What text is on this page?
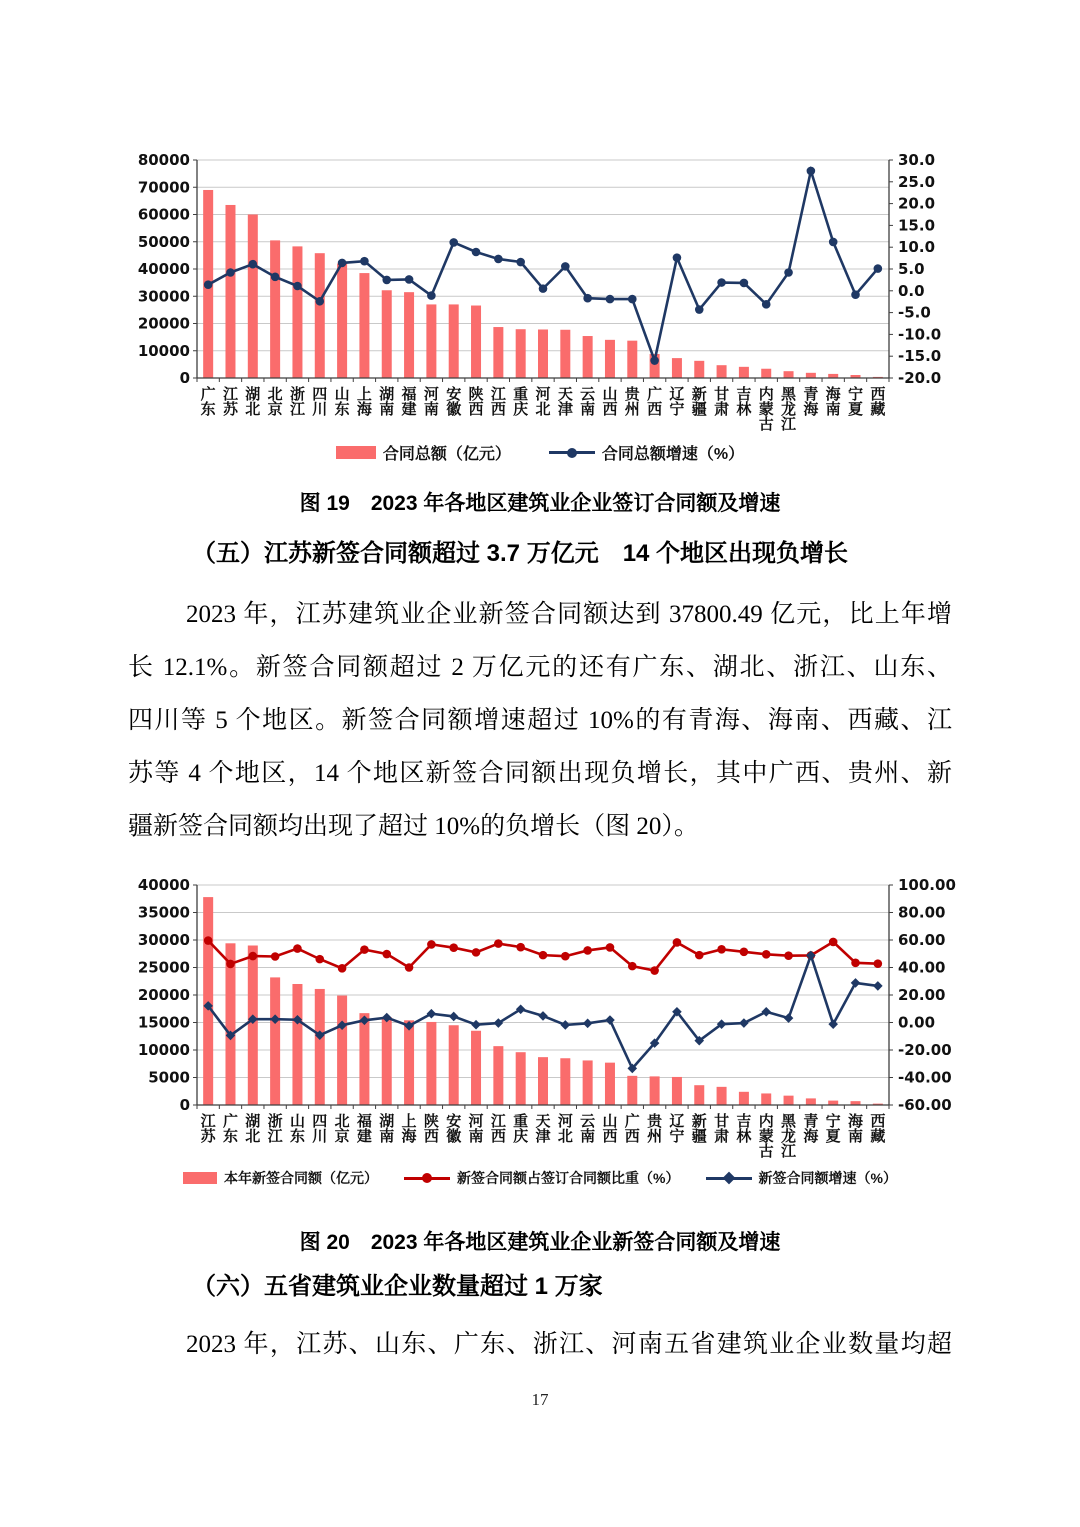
0
10000
20000
30000
40000
50000
60000
70000
80000
-20.0
-15.0
-10.0
-5.0
0.0
5.0
10.0
15.0
20.0
25.0
30.0
广
东
江
苏
湖
北
北
京
浙
江
四
川
山
东
上
海
湖
南
福
建
河
南
安
徽
陕
西
江
西
重
庆
河
北
天
津
云
南
山
西
贵
州
广
西
辽
宁
新
疆
甘
肃
吉
林
内
蒙
古
黑
龙
江
青
海
海
南
宁
夏
西
藏
合同总额（亿元）	合同总额增速（%）
图 19　2023 年各地区建筑业企业签订合同额及增速
（五）江苏新签合同额超过 3.7 万亿元　14 个地区出现负增长
2023 年，江苏建筑业企业新签合同额达到 37800.49 亿元，比上年增
长 12.1%。新签合同额超过 2 万亿元的还有广东、湖北、浙江、山东、
四川等 5 个地区。新签合同额增速超过 10%的有青海、海南、西藏、江
苏等 4 个地区，14 个地区新签合同额出现负增长，其中广西、贵州、新
疆新签合同额均出现了超过 10%的负增长（图 20）。
0
5000
10000
15000
20000
25000
30000
35000
40000
-60.00
-40.00
-20.00
0.00
20.00
40.00
60.00
80.00
100.00
江
苏
广
东
湖
北
浙
江
山
东
四
川
北
京
福
建
湖
南
上
海
陕
西
安
徽
河
南
江
西
重
庆
天
津
河
北
云
南
山
西
广
西
贵
州
辽
宁
新
疆
甘
肃
吉
林
内
蒙
古
黑
龙
江
青
海
宁
夏
海
南
西
藏
本年新签合同额（亿元）	新签合同额占签订合同额比重（%）	新签合同额增速（%）
图 20　2023 年各地区建筑业企业新签合同额及增速
（六）五省建筑业企业数量超过 1 万家
2023 年，江苏、山东、广东、浙江、河南五省建筑业企业数量均超
17
